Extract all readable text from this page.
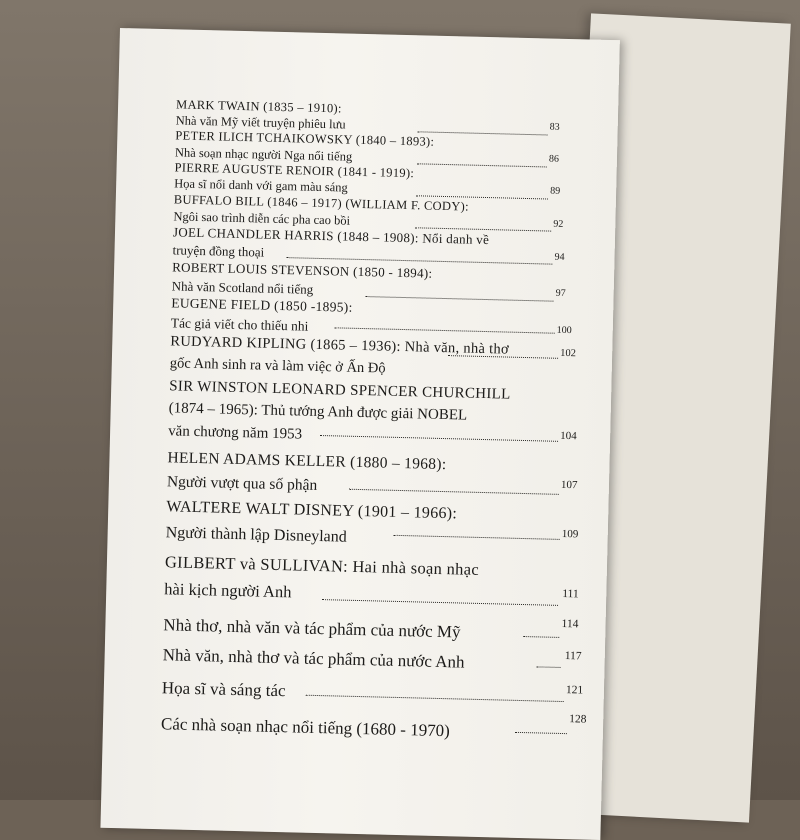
MARK TWAIN (1835 – 1910):
Nhà văn Mỹ viết truyện phiêu lưu	83
PETER ILICH TCHAIKOWSKY (1840 – 1893):
Nhà soạn nhạc người Nga nổi tiếng	86
PIERRE AUGUSTE RENOIR (1841 - 1919):
Họa sĩ nổi danh với gam màu sáng	89
BUFFALO BILL (1846 – 1917) (WILLIAM F. CODY):
Ngôi sao trình diễn các pha cao bồi	92
JOEL CHANDLER HARRIS (1848 – 1908): Nổi danh về
truyện đồng thoại	94
ROBERT LOUIS STEVENSON (1850 - 1894):
Nhà văn Scotland nổi tiếng	97
EUGENE FIELD (1850 -1895):
Tác giả viết cho thiếu nhi	100
RUDYARD KIPLING (1865 – 1936): Nhà văn, nhà thơ
gốc Anh sinh ra và làm việc ở Ấn Độ
102
SIR WINSTON LEONARD SPENCER CHURCHILL
(1874 – 1965): Thủ tướng Anh được giải NOBEL
văn chương năm 1953	104
HELEN ADAMS KELLER (1880 – 1968):
Người vượt qua số phận	107
WALTERE WALT DISNEY (1901 – 1966):
Người thành lập Disneyland	109
GILBERT và SULLIVAN: Hai nhà soạn nhạc
hài kịch người Anh	111
Nhà thơ, nhà văn và tác phẩm của nước Mỹ	114
Nhà văn, nhà thơ và tác phẩm của nước Anh	117
Họa sĩ và sáng tác	121
Các nhà soạn nhạc nổi tiếng (1680 - 1970)	128
